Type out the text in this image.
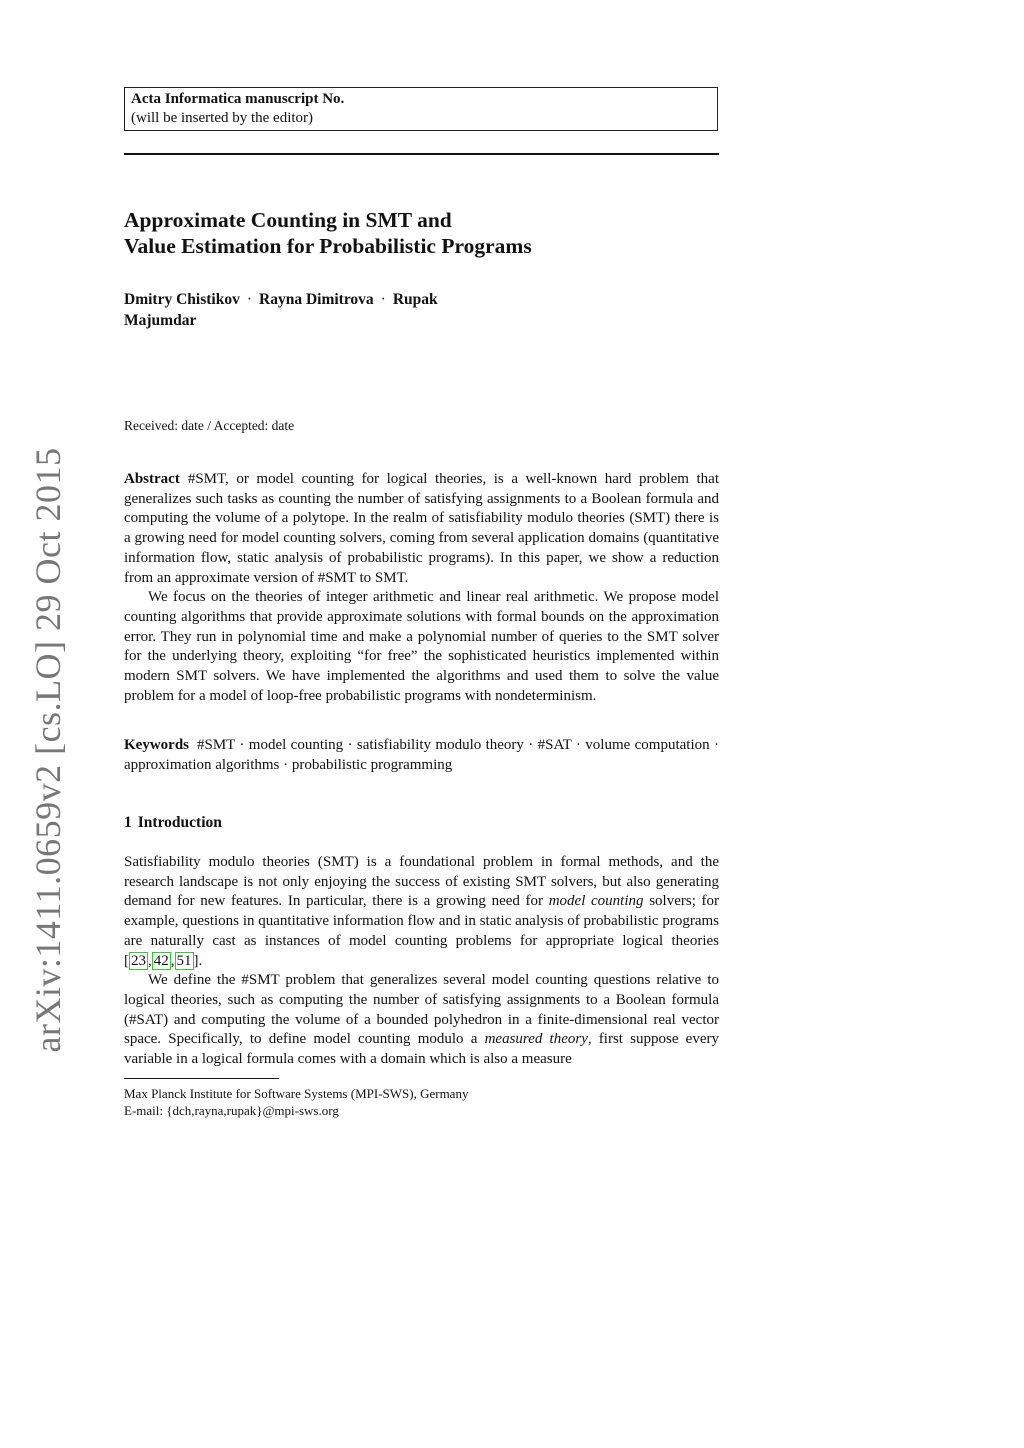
Acta Informatica manuscript No.
(will be inserted by the editor)
Approximate Counting in SMT and
Value Estimation for Probabilistic Programs
Dmitry Chistikov · Rayna Dimitrova · Rupak
Majumdar
Received: date / Accepted: date

Abstract #SMT, or model counting for logical theories, is a well-known hard problem that generalizes such tasks as counting the number of satisfying assignments to a Boolean formula and computing the volume of a polytope. In the realm of satisfiability modulo theories (SMT) there is a growing need for model counting solvers, coming from several application domains (quantitative information flow, static analysis of probabilistic programs). In this paper, we show a reduction from an approximate version of #SMT to SMT.

We focus on the theories of integer arithmetic and linear real arithmetic. We propose model counting algorithms that provide approximate solutions with formal bounds on the approximation error. They run in polynomial time and make a polynomial number of queries to the SMT solver for the underlying theory, exploiting “for free” the sophisticated heuristics implemented within modern SMT solvers. We have implemented the algorithms and used them to solve the value problem for a model of loop-free probabilistic programs with nondeterminism.

Keywords #SMT · model counting · satisfiability modulo theory · #SAT · volume computation · approximation algorithms · probabilistic programming

1 Introduction

Satisfiability modulo theories (SMT) is a foundational problem in formal methods, and the research landscape is not only enjoying the success of existing SMT solvers, but also generating demand for new features. In particular, there is a growing need for model counting solvers; for example, questions in quantitative information flow and in static analysis of probabilistic programs are naturally cast as instances of model counting problems for appropriate logical theories [ 23 , 42 , 51 ].

We define the #SMT problem that generalizes several model counting questions relative to logical theories, such as computing the number of satisfying assignments to a Boolean formula (#SAT) and computing the volume of a bounded polyhedron in a finite-dimensional real vector space. Specifically, to define model counting modulo a measured theory, first suppose every variable in a logical formula comes with a domain which is also a measure

Max Planck Institute for Software Systems (MPI-SWS), Germany
E-mail: {dch,rayna,rupak}@mpi-sws.org
arXiv:1411.0659v2 [cs.LO] 29 Oct 2015
